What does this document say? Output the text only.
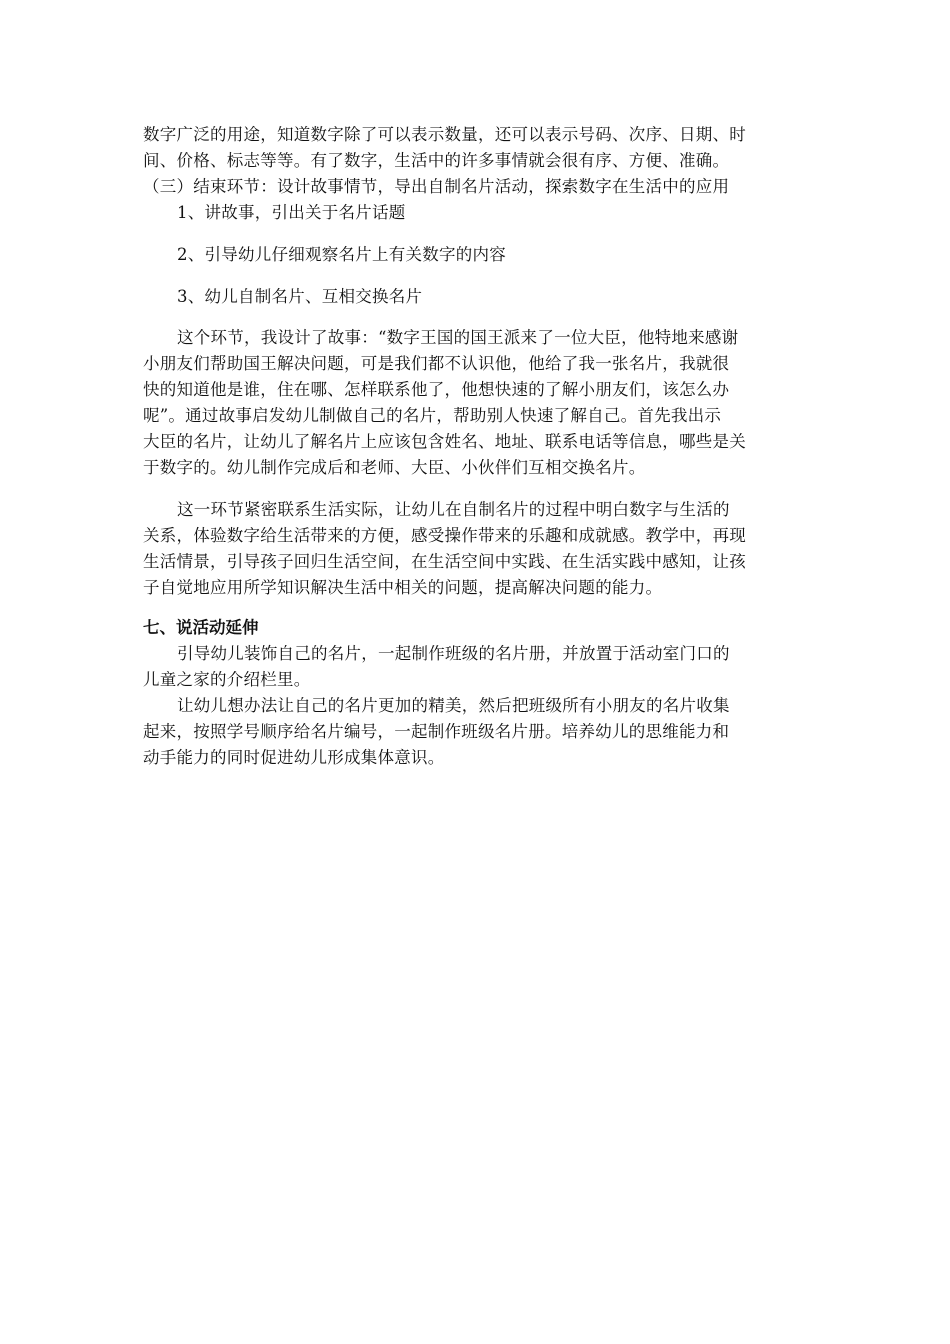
数字广泛的用途，知道数字除了可以表示数量，还可以表示号码、次序、日期、时
间、价格、标志等等。有了数字，生活中的许多事情就会很有序、方便、准确。
（三）结束环节：设计故事情节，导出自制名片活动，探索数字在生活中的应用
1、讲故事，引出关于名片话题
2、引导幼儿仔细观察名片上有关数字的内容
3、幼儿自制名片、互相交换名片
这个环节，我设计了故事：“数字王国的国王派来了一位大臣，他特地来感谢
小朋友们帮助国王解决问题，可是我们都不认识他，他给了我一张名片，我就很
快的知道他是谁，住在哪、怎样联系他了，他想快速的了解小朋友们，该怎么办
呢”。通过故事启发幼儿制做自己的名片，帮助别人快速了解自己。首先我出示
大臣的名片，让幼儿了解名片上应该包含姓名、地址、联系电话等信息，哪些是关
于数字的。幼儿制作完成后和老师、大臣、小伙伴们互相交换名片。
这一环节紧密联系生活实际，让幼儿在自制名片的过程中明白数字与生活的
关系，体验数字给生活带来的方便，感受操作带来的乐趣和成就感。教学中，再现
生活情景，引导孩子回归生活空间，在生活空间中实践、在生活实践中感知，让孩
子自觉地应用所学知识解决生活中相关的问题，提高解决问题的能力。
七、说活动延伸
引导幼儿装饰自己的名片，一起制作班级的名片册，并放置于活动室门口的
儿童之家的介绍栏里。
让幼儿想办法让自己的名片更加的精美，然后把班级所有小朋友的名片收集
起来，按照学号顺序给名片编号，一起制作班级名片册。培养幼儿的思维能力和
动手能力的同时促进幼儿形成集体意识。
